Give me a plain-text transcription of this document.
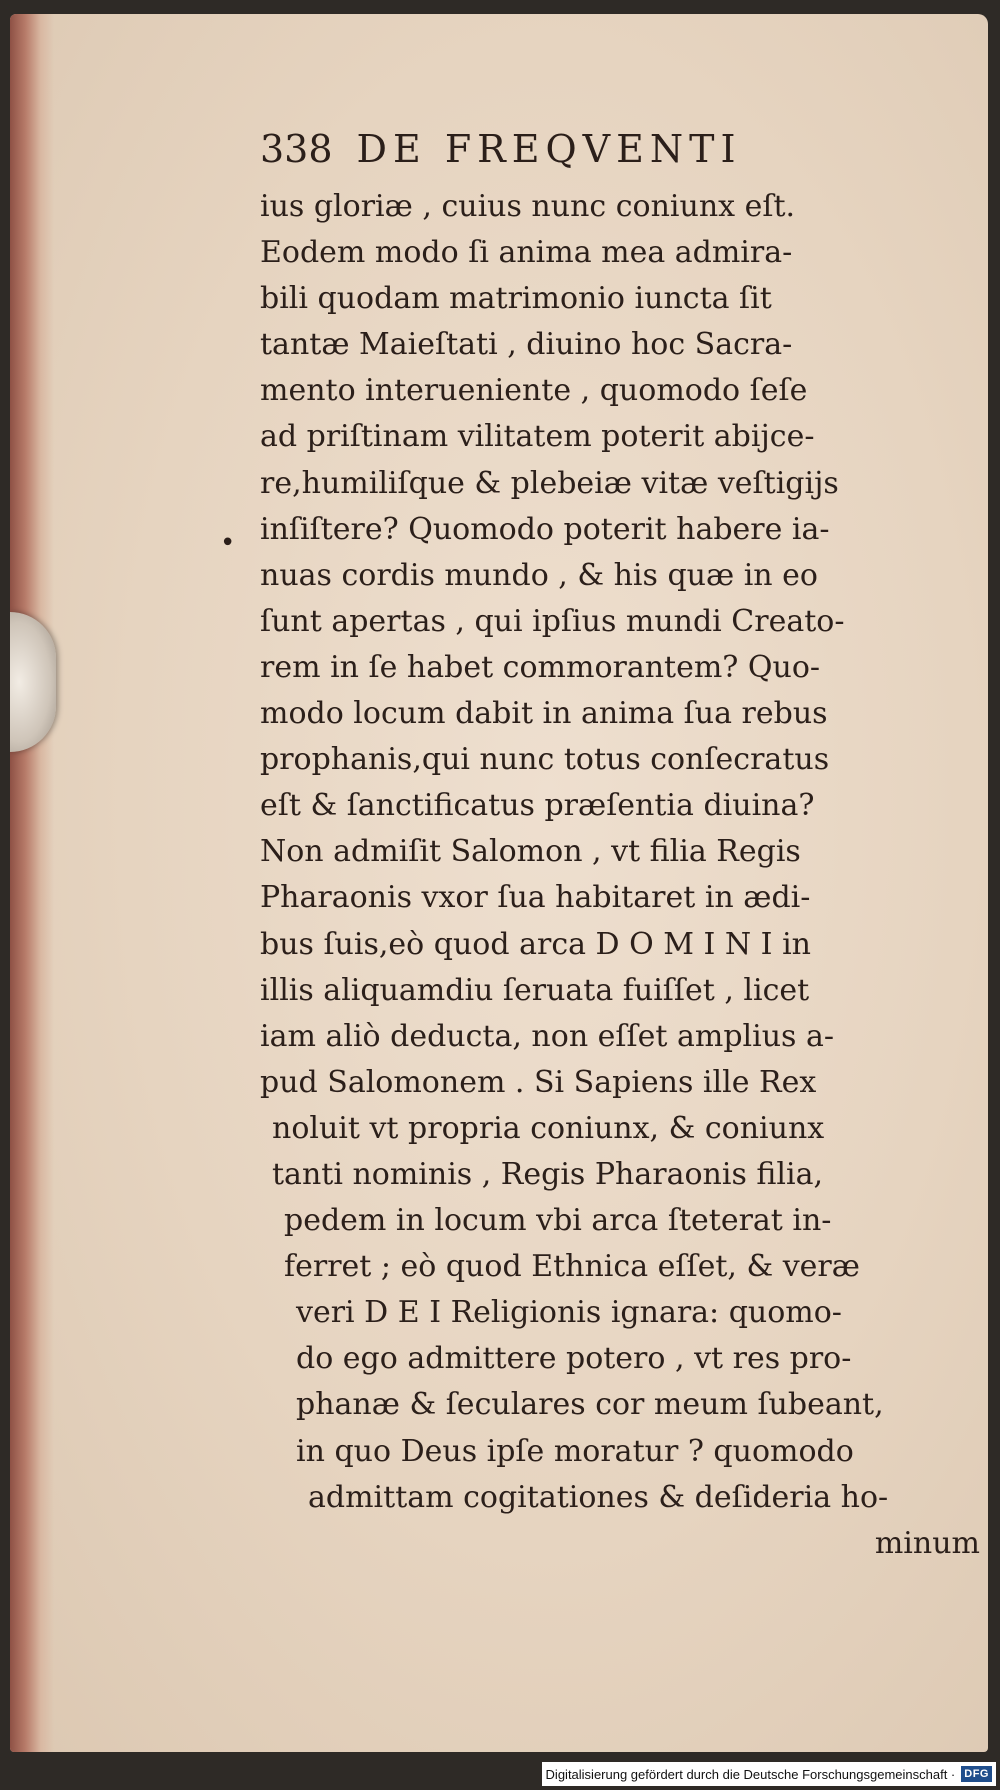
338 DE FREQVENTI
•
ius gloriæ , cuius nunc coniunx eſt.
Eodem modo ſi anima mea admira-
bili quodam matrimonio iuncta ſit
tantæ Maieſtati , diuino hoc Sacra-
mento interueniente , quomodo ſeſe
ad priſtinam vilitatem poterit abijce-
re,humiliſque & plebeiæ vitæ veſtigijs
inſiſtere? Quomodo poterit habere ia-
nuas cordis mundo , & his quæ in eo
ſunt apertas , qui ipſius mundi Creato-
rem in ſe habet commorantem? Quo-
modo locum dabit in anima ſua rebus
prophanis,qui nunc totus conſecratus
eſt & ſanctificatus præſentia diuina?
Non admiſit Salomon , vt filia Regis
Pharaonis vxor ſua habitaret in ædi-
bus ſuis,eò quod arca D O M I N I in
illis aliquamdiu ſeruata fuiſſet , licet
iam aliò deducta, non eſſet amplius a-
pud Salomonem . Si Sapiens ille Rex
noluit vt propria coniunx, & coniunx
tanti nominis , Regis Pharaonis filia,
pedem in locum vbi arca ſteterat in-
ferret ; eò quod Ethnica eſſet, & veræ
veri D E I Religionis ignara: quomo-
do ego admittere potero , vt res pro-
phanæ & ſeculares cor meum ſubeant,
in quo Deus ipſe moratur ? quomodo
admittam cogitationes & deſideria ho-
minum
Digitalisierung gefördert durch die Deutsche Forschungsgemeinschaft · DFG
